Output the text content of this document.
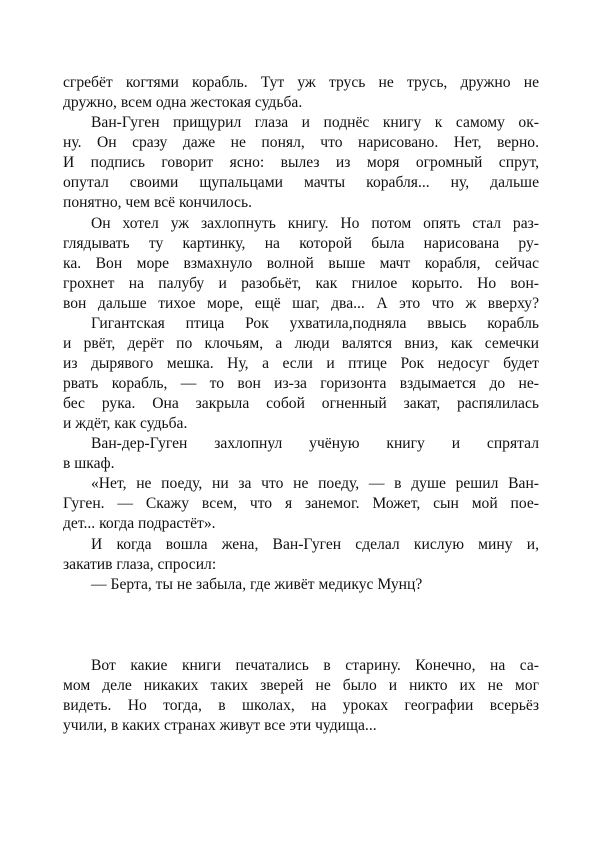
сгребёт когтями корабль. Тут уж трусь не трусь, дружно не

дружно, всем одна жестокая судьба.

Ван-Гуген прищурил глаза и поднёс книгу к самому ок-

ну. Он сразу даже не понял, что нарисовано. Нет, верно.

И подпись говорит ясно: вылез из моря огромный спрут,

опутал своими щупальцами мачты корабля... ну, дальше

понятно, чем всё кончилось.

Он хотел уж захлопнуть книгу. Но потом опять стал раз-

глядывать ту картинку, на которой была нарисована ру-

ка. Вон море взмахнуло волной выше мачт корабля, сейчас

грохнет на палубу и разобьёт, как гнилое корыто. Но вон-

вон дальше тихое море, ещё шаг, два... А это что ж вверху?

Гигантская птица Рок ухватила,подняла ввысь корабль

и рвёт, дерёт по клочьям, а люди валятся вниз, как семечки

из дырявого мешка. Ну, а если и птице Рок недосуг будет

рвать корабль, — то вон из-за горизонта вздымается до не-

бес рука. Она закрыла собой огненный закат, распялилась

и ждёт, как судьба.

Ван-дер-Гуген захлопнул учёную книгу и спрятал

в шкаф.

«Нет, не поеду, ни за что не поеду, — в душе решил Ван-

Гуген. — Скажу всем, что я занемог. Может, сын мой пое-

дет... когда подрастёт».

И когда вошла жена, Ван-Гуген сделал кислую мину и,

закатив глаза, спросил:

— Берта, ты не забыла, где живёт медикус Мунц?

Вот какие книги печатались в старину. Конечно, на са-

мом деле никаких таких зверей не было и никто их не мог

видеть. Но тогда, в школах, на уроках географии всерьёз

учили, в каких странах живут все эти чудища...
